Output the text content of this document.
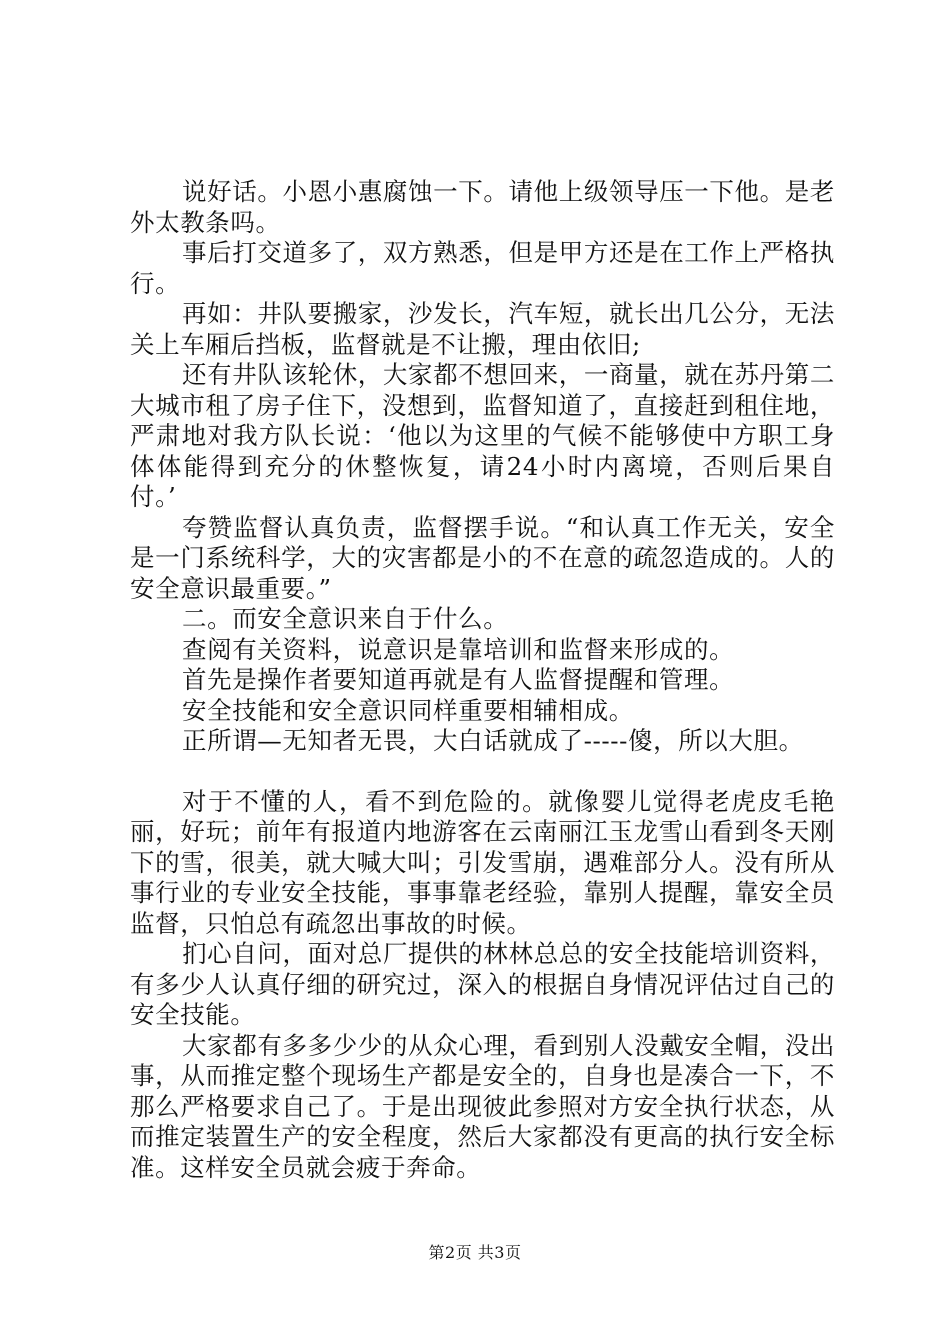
说好话。小恩小惠腐蚀一下。请他上级领导压一下他。是老外太教条吗。

事后打交道多了，双方熟悉，但是甲方还是在工作上严格执行。

再如：井队要搬家，沙发长，汽车短，就长出几公分，无法关上车厢后挡板，监督就是不让搬，理由依旧;

还有井队该轮休，大家都不想回来，一商量，就在苏丹第二大城市租了房子住下，没想到，监督知道了，直接赶到租住地，严肃地对我方队长说：‘他以为这里的气候不能够使中方职工身体体能得到充分的休整恢复，请24小时内离境，否则后果自付。’

夸赞监督认真负责，监督摆手说。“和认真工作无关，安全是一门系统科学，大的灾害都是小的不在意的疏忽造成的。人的安全意识最重要。”

二。而安全意识来自于什么。

查阅有关资料，说意识是靠培训和监督来形成的。

首先是操作者要知道再就是有人监督提醒和管理。

安全技能和安全意识同样重要相辅相成。

正所谓—无知者无畏，大白话就成了-----傻，所以大胆。

对于不懂的人，看不到危险的。就像婴儿觉得老虎皮毛艳丽，好玩；前年有报道内地游客在云南丽江玉龙雪山看到冬天刚下的雪，很美，就大喊大叫；引发雪崩，遇难部分人。没有所从事行业的专业安全技能，事事靠老经验，靠别人提醒，靠安全员监督，只怕总有疏忽出事故的时候。

扪心自问，面对总厂提供的林林总总的安全技能培训资料，有多少人认真仔细的研究过，深入的根据自身情况评估过自己的安全技能。

大家都有多多少少的从众心理，看到别人没戴安全帽，没出事，从而推定整个现场生产都是安全的，自身也是凑合一下，不那么严格要求自己了。于是出现彼此参照对方安全执行状态，从而推定装置生产的安全程度，然后大家都没有更高的执行安全标准。这样安全员就会疲于奔命。

第2页 共3页
